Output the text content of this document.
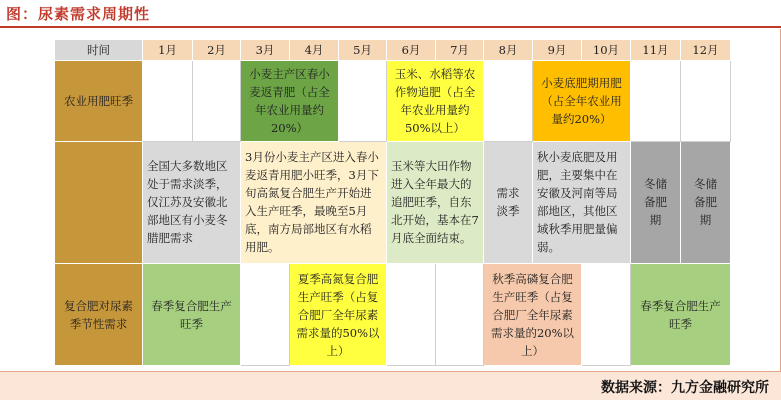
图：尿素需求周期性
时间	1月	2月	3月	4月	5月	6月	7月	8月	9月	10月	11月	12月
农业用肥旺季			小麦主产区春小麦返青肥（占全年农业用量约20%）			玉米、水稻等农作物追肥（占全年农业用量约50%以上）			小麦底肥期用肥（占全年农业用量约20%）			

	全国大多数地区处于需求淡季，仅江苏及安徽北部地区有小麦冬腊肥需求		3月份小麦主产区进入春小麦返青用肥小旺季，3月下旬高氮复合肥生产开始进入生产旺季，最晚至5月底，南方局部地区有水稻用肥。			玉米等大田作物进入全年最大的追肥旺季，自东北开始，基本在7月底全面结束。		需求淡季	秋小麦底肥及用肥，主要集中在安徽及河南等局部地区，其他区域秋季用肥量偏弱。		冬储备肥期	冬储备肥期

复合肥对尿素季节性需求	春季复合肥生产旺季			夏季高氮复合肥生产旺季（占复合肥厂全年尿素需求量的50%以上）				秋季高磷复合肥生产旺季（占复合肥厂全年尿素需求量的20%以上）			春季复合肥生产旺季	
数据来源：九方金融研究所
